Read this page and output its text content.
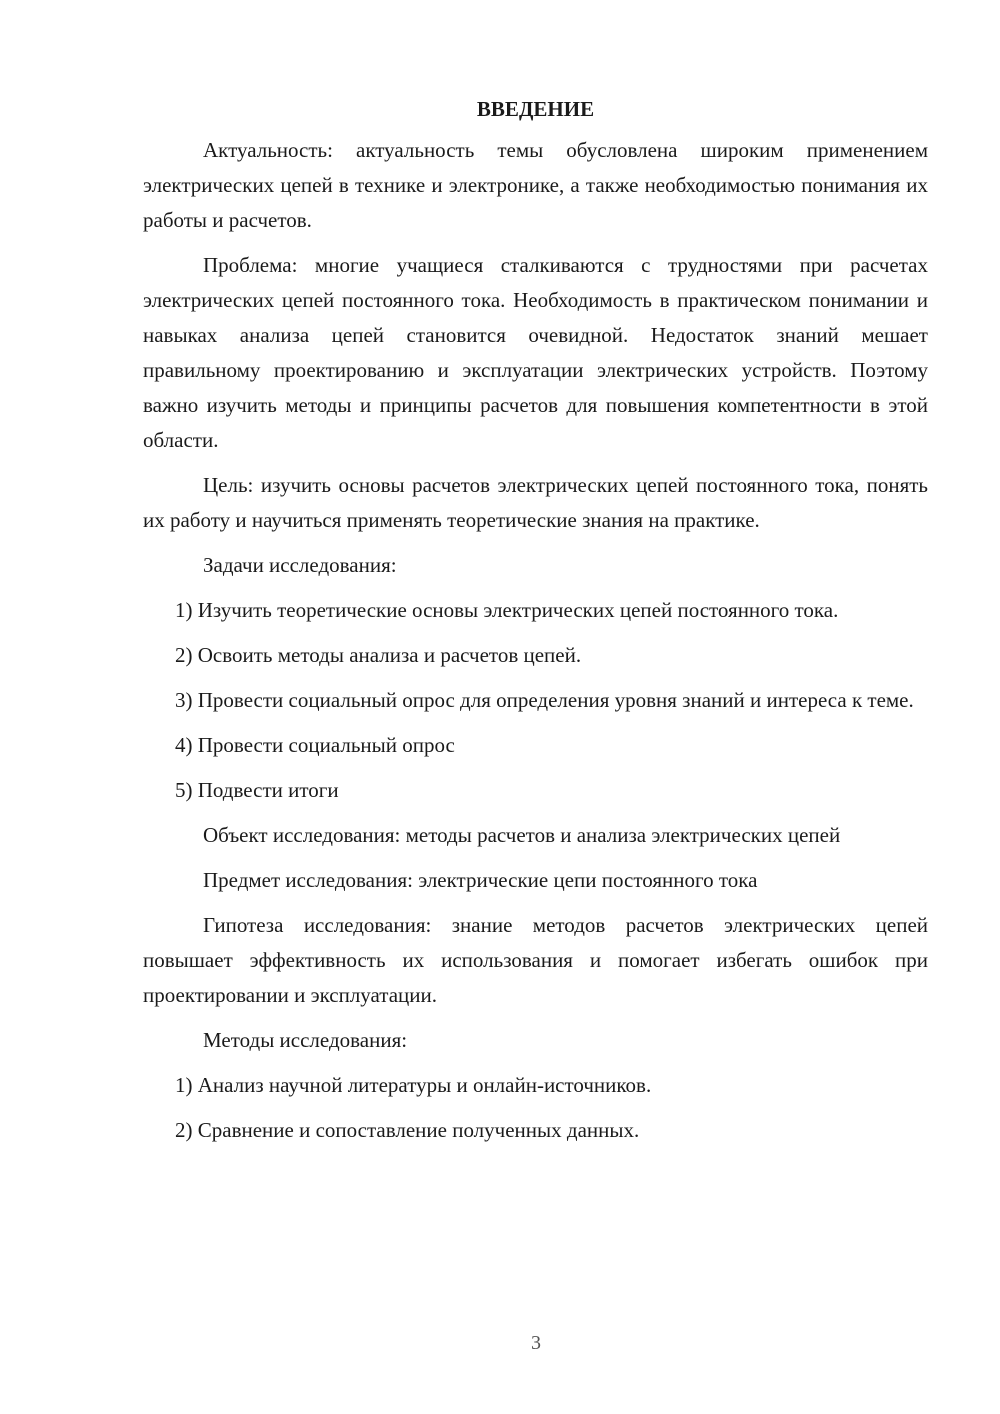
ВВЕДЕНИЕ

Актуальность: актуальность темы обусловлена широким применением электрических цепей в технике и электронике, а также необходимостью понимания их работы и расчетов.

Проблема: многие учащиеся сталкиваются с трудностями при расчетах электрических цепей постоянного тока. Необходимость в практическом понимании и навыках анализа цепей становится очевидной. Недостаток знаний мешает правильному проектированию и эксплуатации электрических устройств. Поэтому важно изучить методы и принципы расчетов для повышения компетентности в этой области.

Цель: изучить основы расчетов электрических цепей постоянного тока, понять их работу и научиться применять теоретические знания на практике.

Задачи исследования:

1) Изучить теоретические основы электрических цепей постоянного тока.

2) Освоить методы анализа и расчетов цепей.

3) Провести социальный опрос для определения уровня знаний и интереса к теме.

4) Провести социальный опрос

5) Подвести итоги

Объект исследования: методы расчетов и анализа электрических цепей

Предмет исследования: электрические цепи постоянного тока

Гипотеза исследования: знание методов расчетов электрических цепей повышает эффективность их использования и помогает избегать ошибок при проектировании и эксплуатации.

Методы исследования:

1) Анализ научной литературы и онлайн-источников.

2) Сравнение и сопоставление полученных данных.

3
